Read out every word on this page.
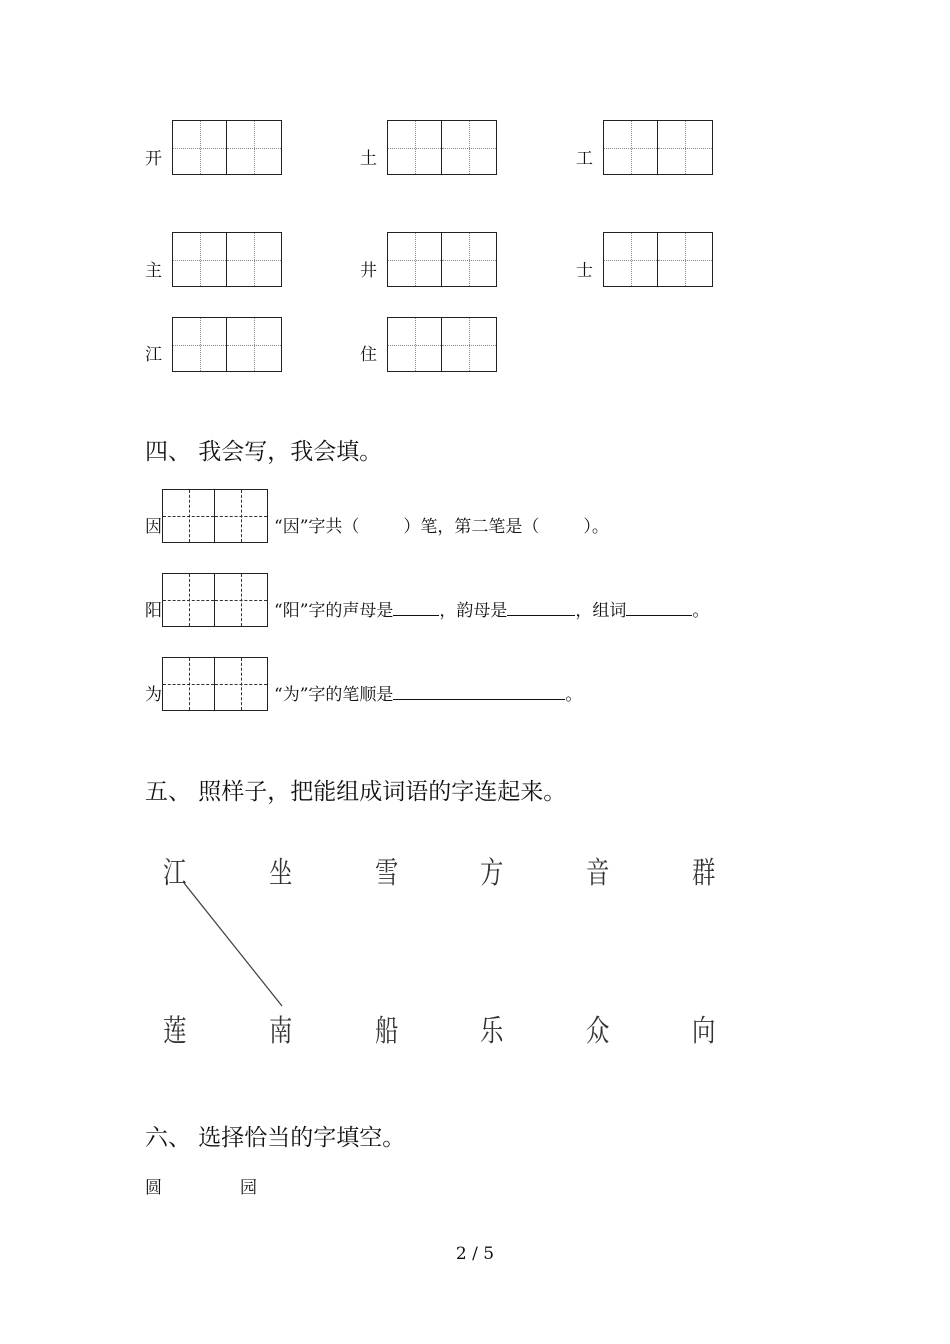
开	土	工
主	井	士
江	住
四、 我会写，我会填。
因	“因”字共（	）笔，第二笔是（	）。
阳	“阳”字的声母是	，韵母是	，组词	。
为	“为”字的笔顺是	。
五、 照样子，把能组成词语的字连起来。
江	坐	雪	方	音	群
莲	南	船	乐	众	向
六、 选择恰当的字填空。
圆	园
2 / 5
